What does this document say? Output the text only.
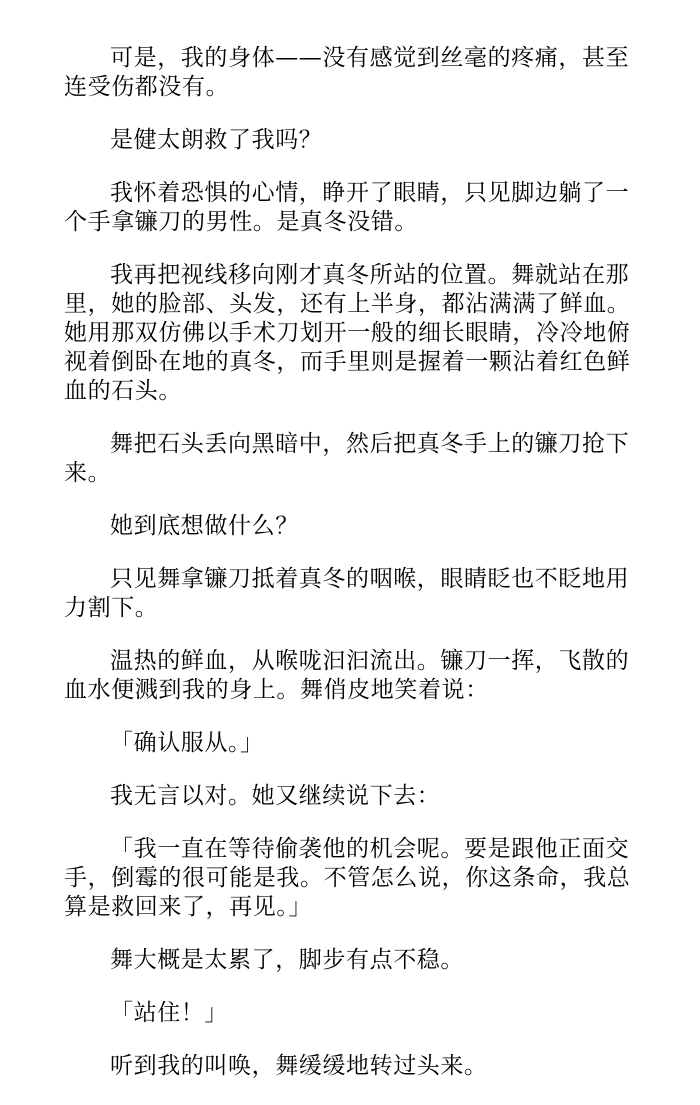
可是，我的身体——没有感觉到丝毫的疼痛，甚至连受伤都没有。

是健太朗救了我吗？

我怀着恐惧的心情，睁开了眼睛，只见脚边躺了一个手拿镰刀的男性。是真冬没错。

我再把视线移向刚才真冬所站的位置。舞就站在那里，她的脸部、头发，还有上半身，都沾满满了鲜血。她用那双仿佛以手术刀划开一般的细长眼睛，冷冷地俯视着倒卧在地的真冬，而手里则是握着一颗沾着红色鲜血的石头。

舞把石头丢向黑暗中，然后把真冬手上的镰刀抢下来。

她到底想做什么？

只见舞拿镰刀抵着真冬的咽喉，眼睛眨也不眨地用力割下。

温热的鲜血，从喉咙汩汩流出。镰刀一挥，飞散的血水便溅到我的身上。舞俏皮地笑着说：

「确认服从。」

我无言以对。她又继续说下去：

「我一直在等待偷袭他的机会呢。要是跟他正面交手，倒霉的很可能是我。不管怎么说，你这条命，我总算是救回来了，再见。」

舞大概是太累了，脚步有点不稳。

「站住！」

听到我的叫唤，舞缓缓地转过头来。
